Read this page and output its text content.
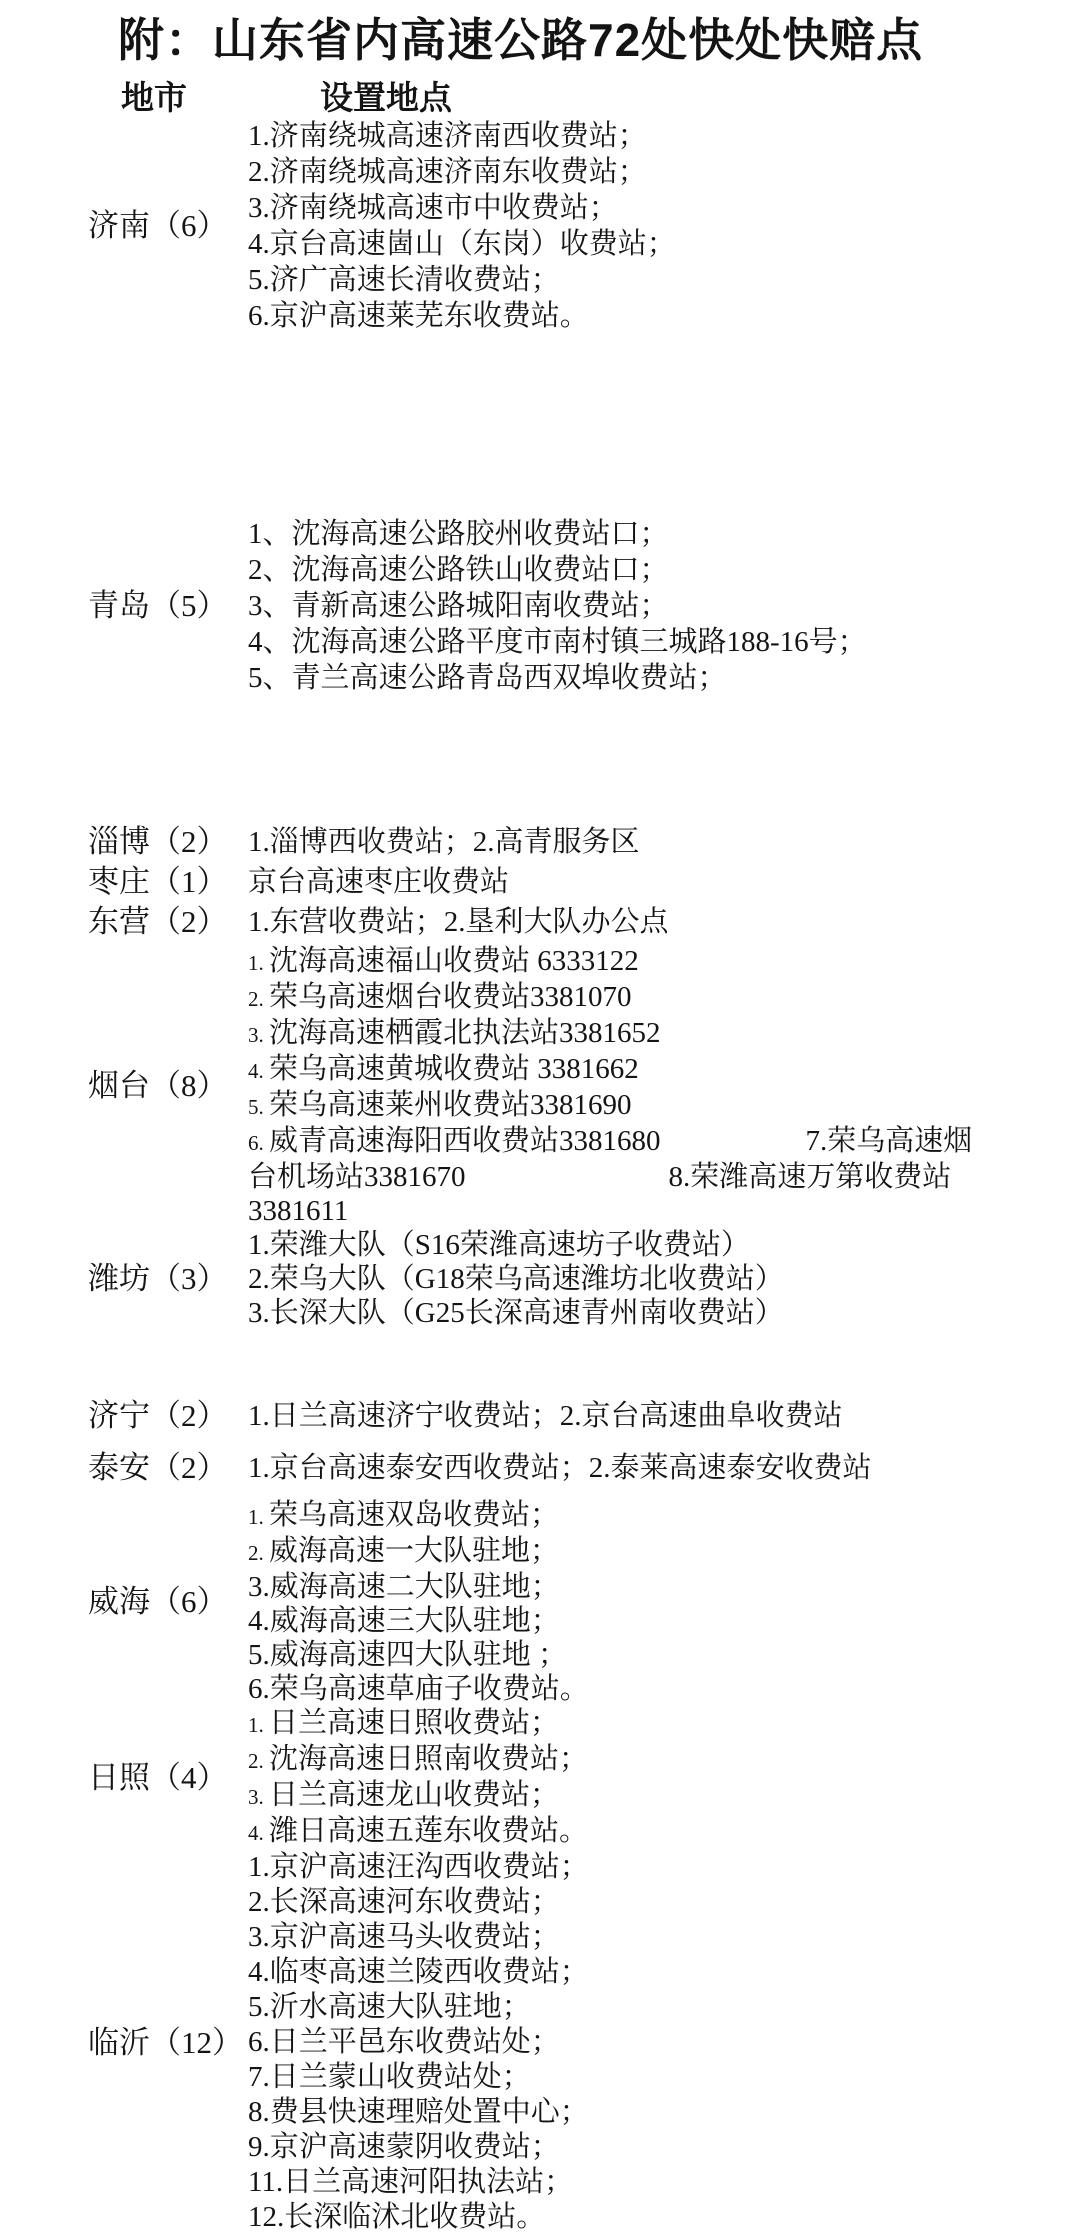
附：山东省内高速公路72处快处快赔点
地市	设置地点
济南（6）
1.济南绕城高速济南西收费站；
2.济南绕城高速济南东收费站；
3.济南绕城高速市中收费站；
4.京台高速崮山（东岗）收费站；
5.济广高速长清收费站；
6.京沪高速莱芜东收费站。
青岛（5）
1、沈海高速公路胶州收费站口；
2、沈海高速公路铁山收费站口；
3、青新高速公路城阳南收费站；
4、沈海高速公路平度市南村镇三城路188-16号；
5、青兰高速公路青岛西双埠收费站；
淄博（2） 1.淄博西收费站；2.高青服务区
枣庄（1） 京台高速枣庄收费站
东营（2） 1.东营收费站；2.垦利大队办公点
烟台（8）
1. 沈海高速福山收费站 6333122
2. 荣乌高速烟台收费站3381070
3. 沈海高速栖霞北执法站3381652
4. 荣乌高速黄城收费站 3381662
5. 荣乌高速莱州收费站3381690
6. 威青高速海阳西收费站3381680　　　　　7.荣乌高速烟
台机场站3381670　　　　　　　8.荣潍高速万第收费站
3381611
潍坊（3）
1.荣潍大队（S16荣潍高速坊子收费站）
2.荣乌大队（G18荣乌高速潍坊北收费站）
3.长深大队（G25长深高速青州南收费站）
济宁（2） 1.日兰高速济宁收费站；2.京台高速曲阜收费站
泰安（2） 1.京台高速泰安西收费站；2.泰莱高速泰安收费站
威海（6）
1. 荣乌高速双岛收费站；
2. 威海高速一大队驻地；
3.威海高速二大队驻地；
4.威海高速三大队驻地；
5.威海高速四大队驻地 ；
6.荣乌高速草庙子收费站。
日照（4）
1. 日兰高速日照收费站；
2. 沈海高速日照南收费站；
3. 日兰高速龙山收费站；
4. 潍日高速五莲东收费站。
临沂（12）
1.京沪高速汪沟西收费站；
2.长深高速河东收费站；
3.京沪高速马头收费站；
4.临枣高速兰陵西收费站；
5.沂水高速大队驻地；
6.日兰平邑东收费站处；
7.日兰蒙山收费站处；
8.费县快速理赔处置中心；
9.京沪高速蒙阴收费站；
11.日兰高速河阳执法站；
12.长深临沭北收费站。
